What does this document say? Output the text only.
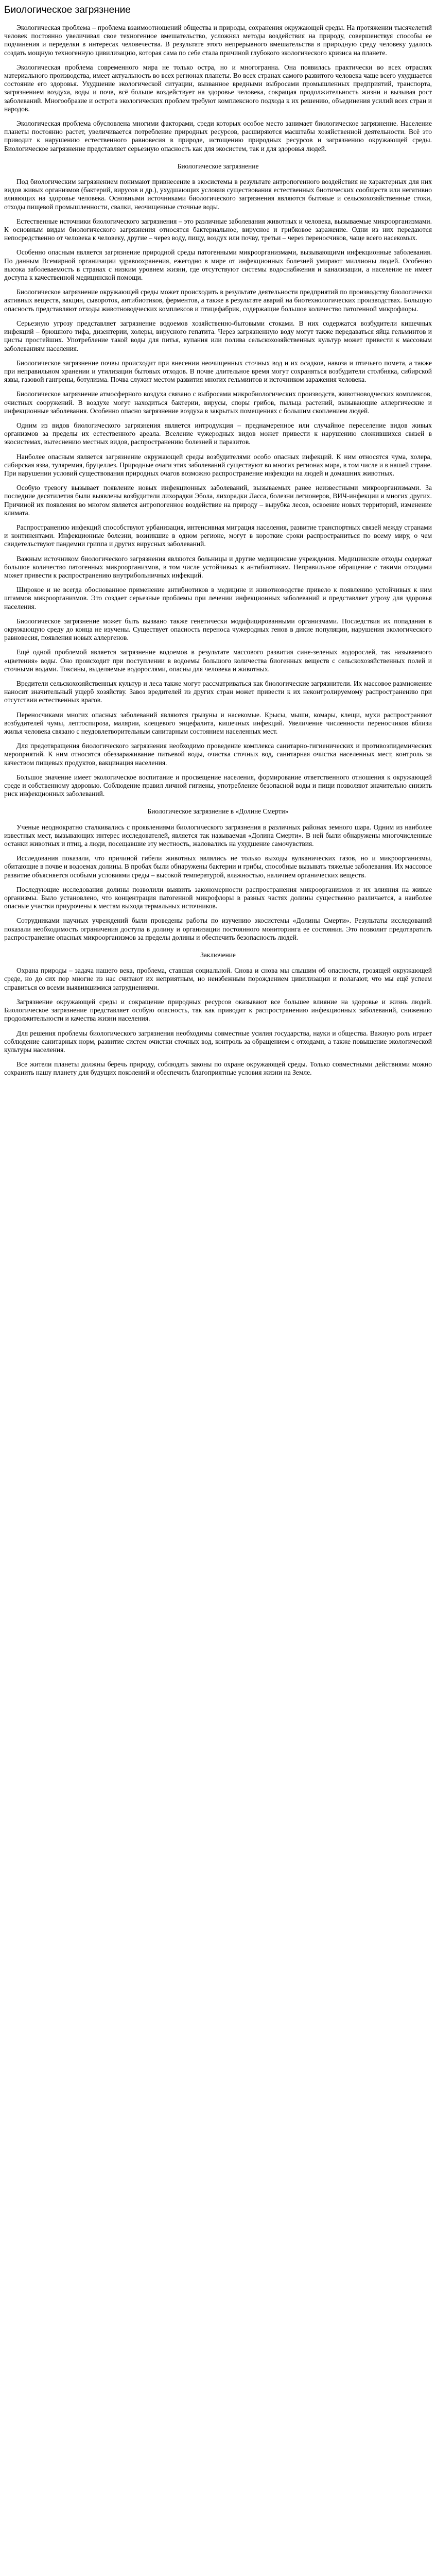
Биологическое загрязнение

Экологическая проблема – проблема взаимоотношений общества и природы, сохранения окружающей среды. На протяжении тысячелетий человек постоянно увеличивал свое техногенное вмешательство, усложнял методы воздействия на природу, совершенствуя способы ее подчинения и переделки в интересах человечества. В результате этого непрерывного вмешательства в природную среду человеку удалось создать мощную техногенную цивилизацию, которая сама по себе стала причиной глубокого экологического кризиса на планете.

Экологическая проблема современного мира не только остра, но и многогранна. Она появилась практически во всех отраслях материального производства, имеет актуальность во всех регионах планеты. Во всех странах самого развитого человека чаще всего ухудшается состояние его здоровья. Ухудшение экологической ситуации, вызванное вредными выбросами промышленных предприятий, транспорта, загрязнением воздуха, воды и почв, всё больше воздействует на здоровье человека, сокращая продолжительность жизни и вызывая рост заболеваний. Многообразие и острота экологических проблем требуют комплексного подхода к их решению, объединения усилий всех стран и народов.

Экологическая проблема обусловлена многими факторами, среди которых особое место занимает биологическое загрязнение. Население планеты постоянно растет, увеличивается потребление природных ресурсов, расширяются масштабы хозяйственной деятельности. Всё это приводит к нарушению естественного равновесия в природе, истощению природных ресурсов и загрязнению окружающей среды. Биологическое загрязнение представляет серьезную опасность как для экосистем, так и для здоровья людей.

Биологическое загрязнение

Под биологическим загрязнением понимают привнесение в экосистемы в результате антропогенного воздействия не характерных для них видов живых организмов (бактерий, вирусов и др.), ухудшающих условия существования естественных биотических сообществ или негативно влияющих на здоровье человека. Основными источниками биологического загрязнения являются бытовые и сельскохозяйственные стоки, отходы пищевой промышленности, свалки, неочищенные сточные воды.

Естественные источники биологического загрязнения – это различные заболевания животных и человека, вызываемые микроорганизмами. К основным видам биологического загрязнения относятся бактериальное, вирусное и грибковое заражение. Одни из них передаются непосредственно от человека к человеку, другие – через воду, пищу, воздух или почву, третьи – через переносчиков, чаще всего насекомых.

Особенно опасным является загрязнение природной среды патогенными микроорганизмами, вызывающими инфекционные заболевания. По данным Всемирной организации здравоохранения, ежегодно в мире от инфекционных болезней умирают миллионы людей. Особенно высока заболеваемость в странах с низким уровнем жизни, где отсутствуют системы водоснабжения и канализации, а население не имеет доступа к качественной медицинской помощи.

Биологическое загрязнение окружающей среды может происходить в результате деятельности предприятий по производству биологически активных веществ, вакцин, сывороток, антибиотиков, ферментов, а также в результате аварий на биотехнологических производствах. Большую опасность представляют отходы животноводческих комплексов и птицефабрик, содержащие большое количество патогенной микрофлоры.

Серьезную угрозу представляет загрязнение водоемов хозяйственно-бытовыми стоками. В них содержатся возбудители кишечных инфекций – брюшного тифа, дизентерии, холеры, вирусного гепатита. Через загрязненную воду могут также передаваться яйца гельминтов и цисты простейших. Употребление такой воды для питья, купания или полива сельскохозяйственных культур может привести к массовым заболеваниям населения.

Биологическое загрязнение почвы происходит при внесении неочищенных сточных вод и их осадков, навоза и птичьего помета, а также при неправильном хранении и утилизации бытовых отходов. В почве длительное время могут сохраняться возбудители столбняка, сибирской язвы, газовой гангрены, ботулизма. Почва служит местом развития многих гельминтов и источником заражения человека.

Биологическое загрязнение атмосферного воздуха связано с выбросами микробиологических производств, животноводческих комплексов, очистных сооружений. В воздухе могут находиться бактерии, вирусы, споры грибов, пыльца растений, вызывающие аллергические и инфекционные заболевания. Особенно опасно загрязнение воздуха в закрытых помещениях с большим скоплением людей.

Одним из видов биологического загрязнения является интродукция – преднамеренное или случайное переселение видов живых организмов за пределы их естественного ареала. Вселение чужеродных видов может привести к нарушению сложившихся связей в экосистемах, вытеснению местных видов, распространению болезней и паразитов.

Наиболее опасным является загрязнение окружающей среды возбудителями особо опасных инфекций. К ним относятся чума, холера, сибирская язва, туляремия, бруцеллез. Природные очаги этих заболеваний существуют во многих регионах мира, в том числе и в нашей стране. При нарушении условий существования природных очагов возможно распространение инфекции на людей и домашних животных.

Особую тревогу вызывает появление новых инфекционных заболеваний, вызываемых ранее неизвестными микроорганизмами. За последние десятилетия были выявлены возбудители лихорадки Эбола, лихорадки Ласса, болезни легионеров, ВИЧ-инфекции и многих других. Причиной их появления во многом является антропогенное воздействие на природу – вырубка лесов, освоение новых территорий, изменение климата.

Распространению инфекций способствуют урбанизация, интенсивная миграция населения, развитие транспортных связей между странами и континентами. Инфекционные болезни, возникшие в одном регионе, могут в короткие сроки распространиться по всему миру, о чем свидетельствуют пандемии гриппа и других вирусных заболеваний.

Важным источником биологического загрязнения являются больницы и другие медицинские учреждения. Медицинские отходы содержат большое количество патогенных микроорганизмов, в том числе устойчивых к антибиотикам. Неправильное обращение с такими отходами может привести к распространению внутрибольничных инфекций.

Широкое и не всегда обоснованное применение антибиотиков в медицине и животноводстве привело к появлению устойчивых к ним штаммов микроорганизмов. Это создает серьезные проблемы при лечении инфекционных заболеваний и представляет угрозу для здоровья населения.

Биологическое загрязнение может быть вызвано также генетически модифицированными организмами. Последствия их попадания в окружающую среду до конца не изучены. Существует опасность переноса чужеродных генов в дикие популяции, нарушения экологического равновесия, появления новых аллергенов.

Ещё одной проблемой является загрязнение водоемов в результате массового развития сине-зеленых водорослей, так называемого «цветения» воды. Оно происходит при поступлении в водоемы большого количества биогенных веществ с сельскохозяйственных полей и сточными водами. Токсины, выделяемые водорослями, опасны для человека и животных.

Вредители сельскохозяйственных культур и леса также могут рассматриваться как биологические загрязнители. Их массовое размножение наносит значительный ущерб хозяйству. Завоз вредителей из других стран может привести к их неконтролируемому распространению при отсутствии естественных врагов.

Переносчиками многих опасных заболеваний являются грызуны и насекомые. Крысы, мыши, комары, клещи, мухи распространяют возбудителей чумы, лептоспироза, малярии, клещевого энцефалита, кишечных инфекций. Увеличение численности переносчиков вблизи жилья человека связано с неудовлетворительным санитарным состоянием населенных мест.

Для предотвращения биологического загрязнения необходимо проведение комплекса санитарно-гигиенических и противоэпидемических мероприятий. К ним относятся обеззараживание питьевой воды, очистка сточных вод, санитарная очистка населенных мест, контроль за качеством пищевых продуктов, вакцинация населения.

Большое значение имеет экологическое воспитание и просвещение населения, формирование ответственного отношения к окружающей среде и собственному здоровью. Соблюдение правил личной гигиены, употребление безопасной воды и пищи позволяют значительно снизить риск инфекционных заболеваний.

Биологическое загрязнение в «Долине Смерти»

Ученые неоднократно сталкивались с проявлениями биологического загрязнения в различных районах земного шара. Одним из наиболее известных мест, вызывающих интерес исследователей, является так называемая «Долина Смерти». В ней были обнаружены многочисленные останки животных и птиц, а люди, посещавшие эту местность, жаловались на ухудшение самочувствия.

Исследования показали, что причиной гибели животных являлись не только выходы вулканических газов, но и микроорганизмы, обитающие в почве и водоемах долины. В пробах были обнаружены бактерии и грибы, способные вызывать тяжелые заболевания. Их массовое развитие объясняется особыми условиями среды – высокой температурой, влажностью, наличием органических веществ.

Последующие исследования долины позволили выявить закономерности распространения микроорганизмов и их влияния на живые организмы. Было установлено, что концентрация патогенной микрофлоры в разных частях долины существенно различается, а наиболее опасные участки приурочены к местам выхода термальных источников.

Сотрудниками научных учреждений были проведены работы по изучению экосистемы «Долины Смерти». Результаты исследований показали необходимость ограничения доступа в долину и организации постоянного мониторинга ее состояния. Это позволит предотвратить распространение опасных микроорганизмов за пределы долины и обеспечить безопасность людей.

Заключение

Охрана природы – задача нашего века, проблема, ставшая социальной. Снова и снова мы слышим об опасности, грозящей окружающей среде, но до сих пор многие из нас считают их неприятным, но неизбежным порождением цивилизации и полагают, что мы ещё успеем справиться со всеми выявившимися затруднениями.

Загрязнение окружающей среды и сокращение природных ресурсов оказывают все большее влияние на здоровье и жизнь людей. Биологическое загрязнение представляет особую опасность, так как приводит к распространению инфекционных заболеваний, снижению продолжительности и качества жизни населения.

Для решения проблемы биологического загрязнения необходимы совместные усилия государства, науки и общества. Важную роль играет соблюдение санитарных норм, развитие систем очистки сточных вод, контроль за обращением с отходами, а также повышение экологической культуры населения.

Все жители планеты должны беречь природу, соблюдать законы по охране окружающей среды. Только совместными действиями можно сохранить нашу планету для будущих поколений и обеспечить благоприятные условия жизни на Земле.
